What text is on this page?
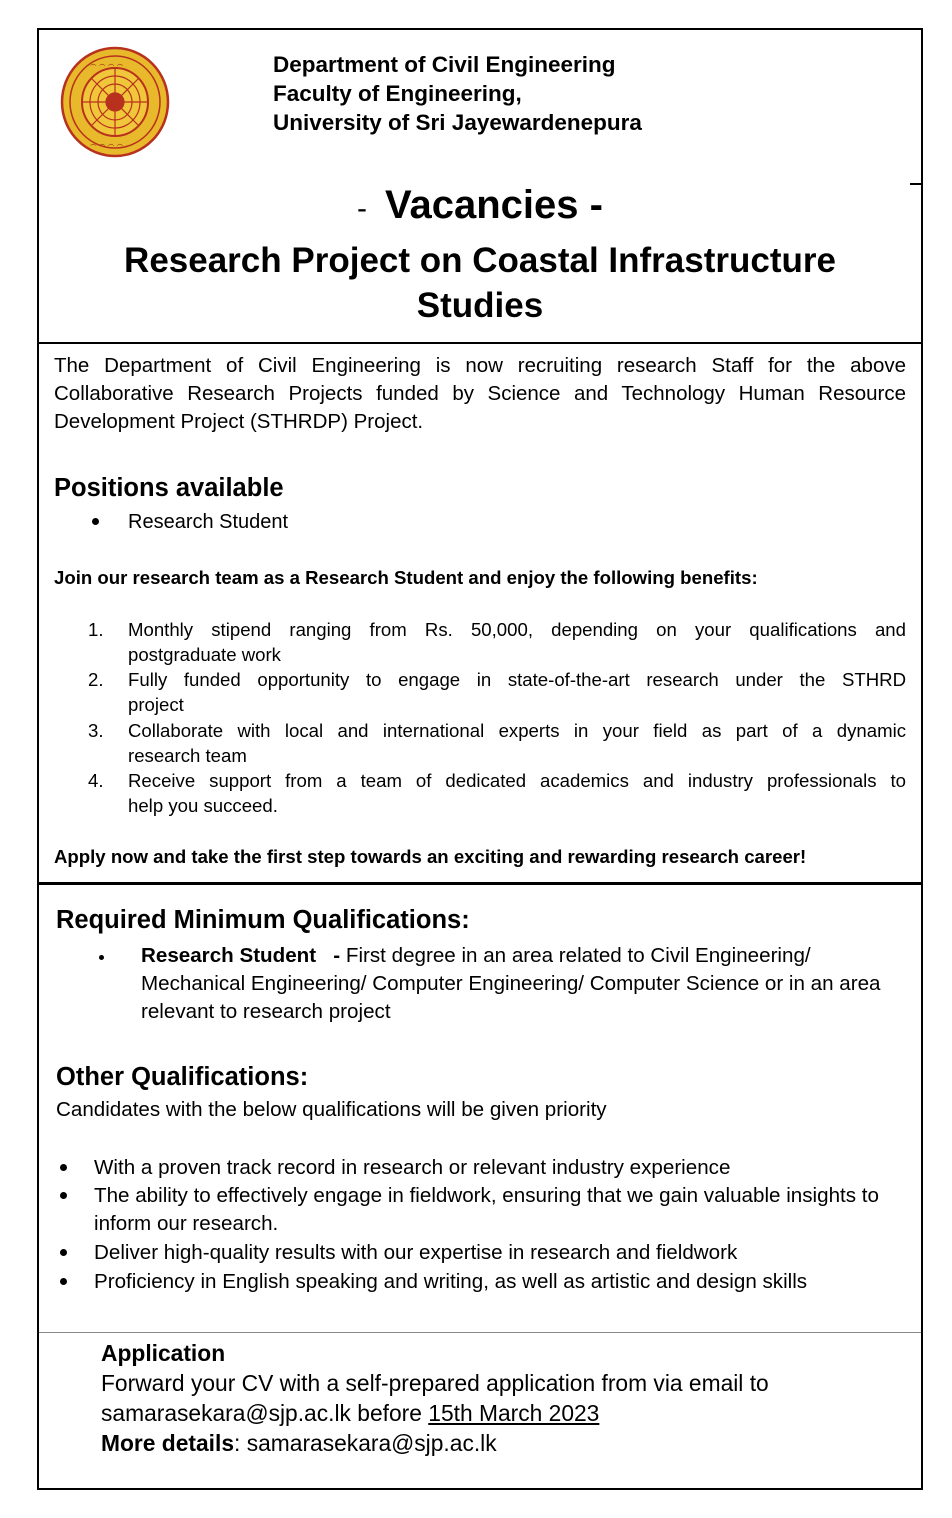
෴ ෴ ෴ ෴
෴ ෴ ෴ ෴
Department of Civil Engineering
Faculty of Engineering,
University of Sri Jayewardenepura
- Vacancies -
Research Project on Coastal Infrastructure
Studies
The Department of Civil Engineering is now recruiting research Staff for the above Collaborative Research Projects funded by Science and Technology Human Resource Development Project (STHRDP) Project.
Positions available
Research Student
Join our research team as a Research Student and enjoy the following benefits:
1. Monthly stipend ranging from Rs. 50,000, depending on your qualifications and
postgraduate work
2. Fully funded opportunity to engage in state-of-the-art research under the STHRD
project
3. Collaborate with local and international experts in your field as part of a dynamic
research team
4. Receive support from a team of dedicated academics and industry professionals to
help you succeed.
Apply now and take the first step towards an exciting and rewarding research career!
Required Minimum Qualifications:
Research Student - First degree in an area related to Civil Engineering/ Mechanical Engineering/ Computer Engineering/ Computer Science or in an area relevant to research project
Other Qualifications:
Candidates with the below qualifications will be given priority
With a proven track record in research or relevant industry experience
The ability to effectively engage in fieldwork, ensuring that we gain valuable insights to inform our research.
Deliver high-quality results with our expertise in research and fieldwork
Proficiency in English speaking and writing, as well as artistic and design skills
Application
Forward your CV with a self-prepared application from via email to
samarasekara@sjp.ac.lk before 15th March 2023
More details: samarasekara@sjp.ac.lk
